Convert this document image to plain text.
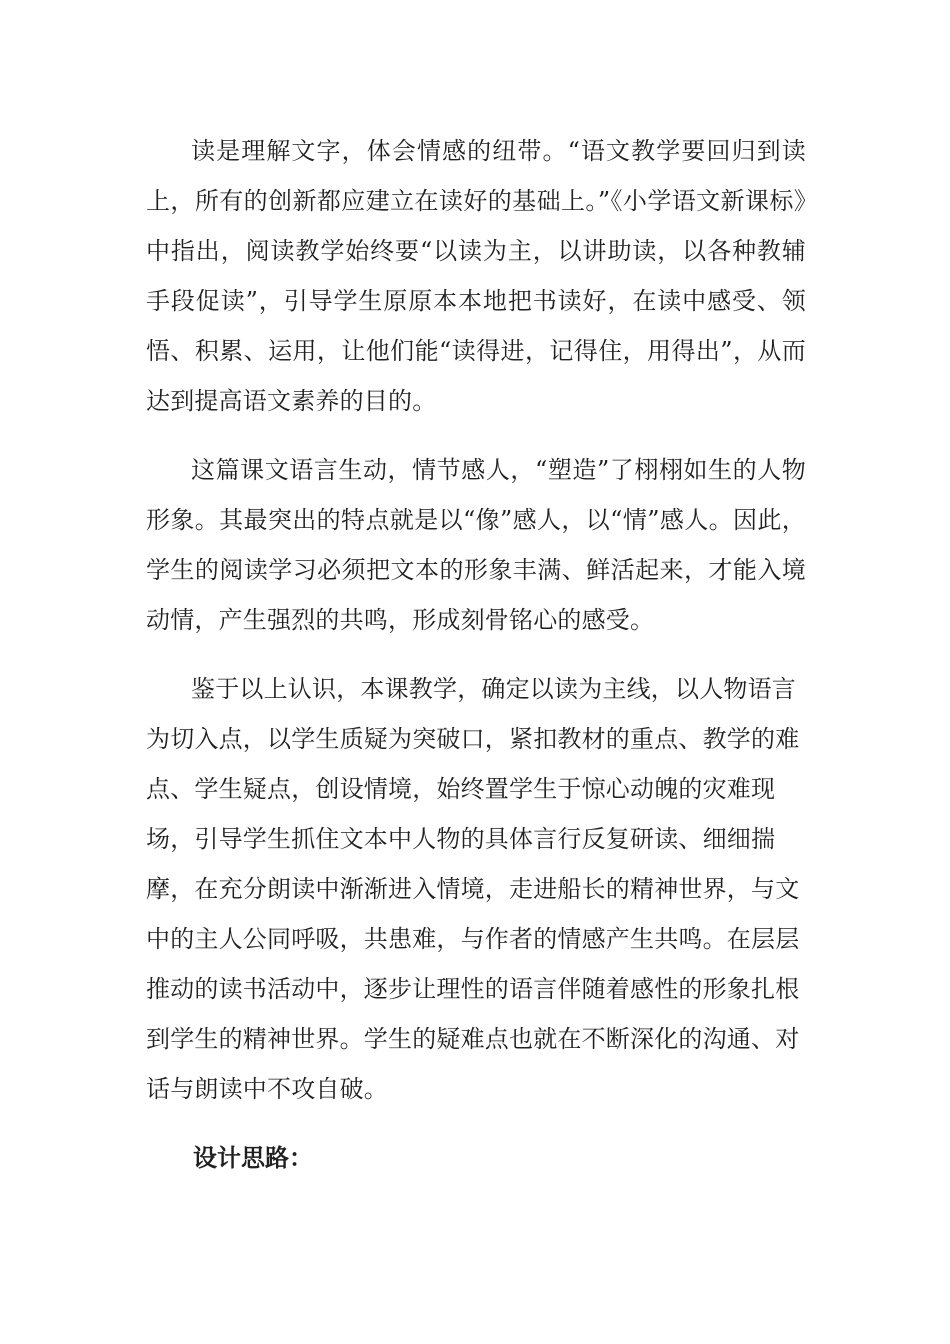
读是理解文字，体会情感的纽带。“语文教学要回归到读上，所有的创新都应建立在读好的基础上。”《小学语文新课标》中指出，阅读教学始终要“以读为主，以讲助读，以各种教辅手段促读”，引导学生原原本本地把书读好，在读中感受、领悟、积累、运用，让他们能“读得进，记得住，用得出”，从而达到提高语文素养的目的。

这篇课文语言生动，情节感人，“塑造”了栩栩如生的人物形象。其最突出的特点就是以“像”感人，以“情”感人。因此，学生的阅读学习必须把文本的形象丰满、鲜活起来，才能入境动情，产生强烈的共鸣，形成刻骨铭心的感受。

鉴于以上认识，本课教学，确定以读为主线，以人物语言为切入点，以学生质疑为突破口，紧扣教材的重点、教学的难点、学生疑点，创设情境，始终置学生于惊心动魄的灾难现场，引导学生抓住文本中人物的具体言行反复研读、细细揣摩，在充分朗读中渐渐进入情境，走进船长的精神世界，与文中的主人公同呼吸，共患难，与作者的情感产生共鸣。在层层推动的读书活动中，逐步让理性的语言伴随着感性的形象扎根到学生的精神世界。学生的疑难点也就在不断深化的沟通、对话与朗读中不攻自破。

设计思路：
